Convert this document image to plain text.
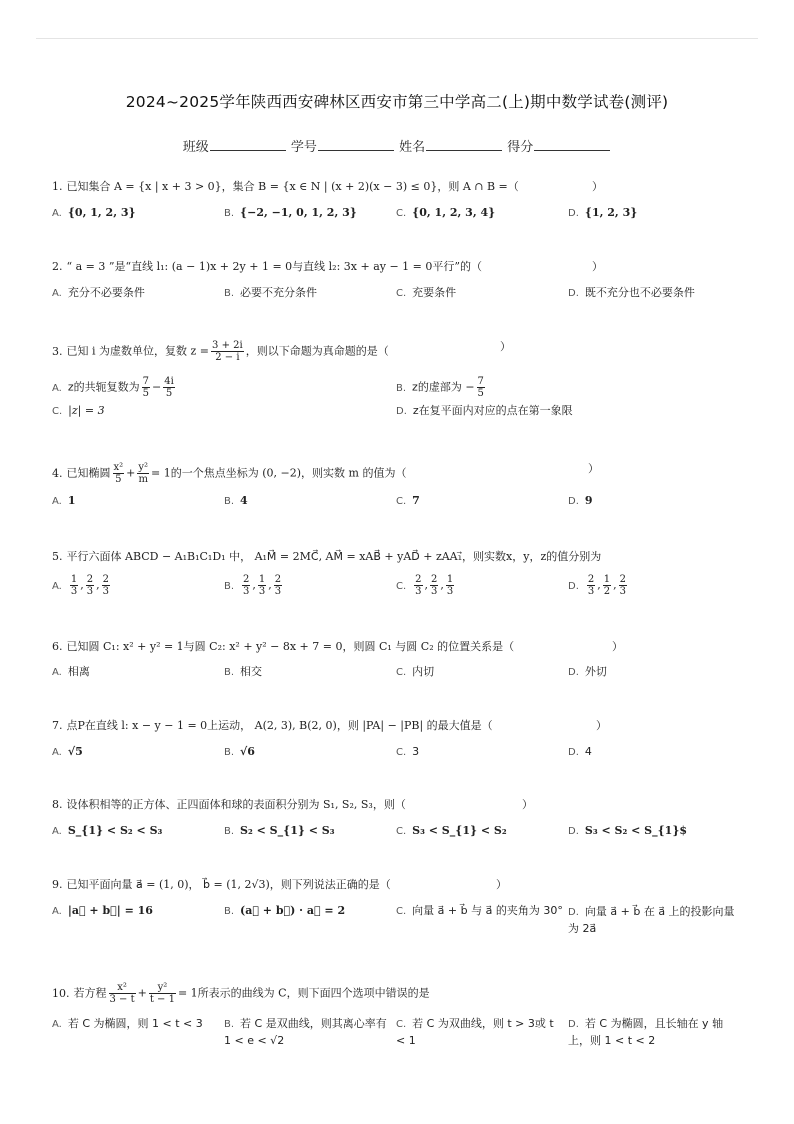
2024~2025学年陕西西安碑林区西安市第三中学高二(上)期中数学试卷(测评)
班级	学号	姓名	得分
1. 已知集合 A = {x | x + 3 > 0}，集合 B = {x ∈ N | (x + 2)(x − 3) ≤ 0}，则 A ∩ B =（	）
A. {0, 1, 2, 3}	B. {−2, −1, 0, 1, 2, 3}	C. {0, 1, 2, 3, 4}	D. {1, 2, 3}
2. “ a = 3 ”是“直线 l₁: (a − 1)x + 2y + 1 = 0与直线 l₂: 3x + ay − 1 = 0平行”的（	）
A. 充分不必要条件	B. 必要不充分条件	C. 充要条件	D. 既不充分也不必要条件
3. 已知 i 为虚数单位，复数 $z = \frac{3 + 2i}{2 - i}$ ，则以下命题为真命题的是（	）
A. z的共轭复数为 $\frac{7}{5} - \frac{4i}{5}$	B. z的虚部为 − $\frac{7}{5}$
C. |z| = 3	D. z在复平面内对应的点在第一象限
4. 已知椭圆 $\frac{\text{x²}}{5} + \frac{\text{y²}}{m} = 1$的一个焦点坐标为 (0, −2)，则实数 m 的值为（	）
A. 1	B. 4	C. 7	D. 9
5. 平行六面体 ABCD − A₁B₁C₁D₁ 中， A₁M⃗ = 2MC⃗, AM⃗ = xAB⃗ + yAD⃗ + zAA₁⃗，则实数x，y，z的值分别为
A. $\frac{1}{3}$ , $\frac{2}{3}$ , $\frac{2}{3}$	B. $\frac{2}{3}$ , $\frac{1}{3}$ , $\frac{2}{3}$	C. $\frac{2}{3}$ , $\frac{2}{3}$ , $\frac{1}{3}$	D. $\frac{2}{3}$ , $\frac{1}{2}$ , $\frac{2}{3}$
6. 已知圆 C₁: x² + y² = 1与圆 C₂: x² + y² − 8x + 7 = 0，则圆 C₁ 与圆 C₂ 的位置关系是（	）
A. 相离	B. 相交	C. 内切	D. 外切
7. 点P在直线 l: x − y − 1 = 0上运动， A(2, 3), B(2, 0)，则 |PA| − |PB| 的最大值是（	）
A. √5	B. √6	C. 3	D. 4
8. 设体积相等的正方体、正四面体和球的表面积分别为 S₁, S₂, S₃，则（	）
A. S_{1} < S₂ < S₃	B. S₂ < S_{1} < S₃	C. S₃ < S_{1} < S₂	D. S₃ < S₂ < S_{1}$
9. 已知平面向量 a⃗ = (1, 0)， b⃗ = (1, 2√3)，则下列说法正确的是（	）
A. |a⃗ + b⃗| = 16	B. (a⃗ + b⃗) · a⃗ = 2	C. 向量 a⃗ + b⃗ 与 a⃗ 的夹角为 30° D. 向量 a⃗ + b⃗ 在 a⃗ 上的投影向量为 2a⃗
10. 若方程 $\frac{\text{x²}}{3 - t} + \frac{\text{y²}}{t - 1} = 1$所表示的曲线为 C，则下面四个选项中错误的是
A. 若 C 为椭圆，则 1 < t < 3	B. 若 C 是双曲线，则其离心率有 1 < e < √2
C. 若 C 为双曲线，则 t > 3或 t < 1
D. 若 C 为椭圆，且长轴在 y 轴上，则 1 < t < 2
